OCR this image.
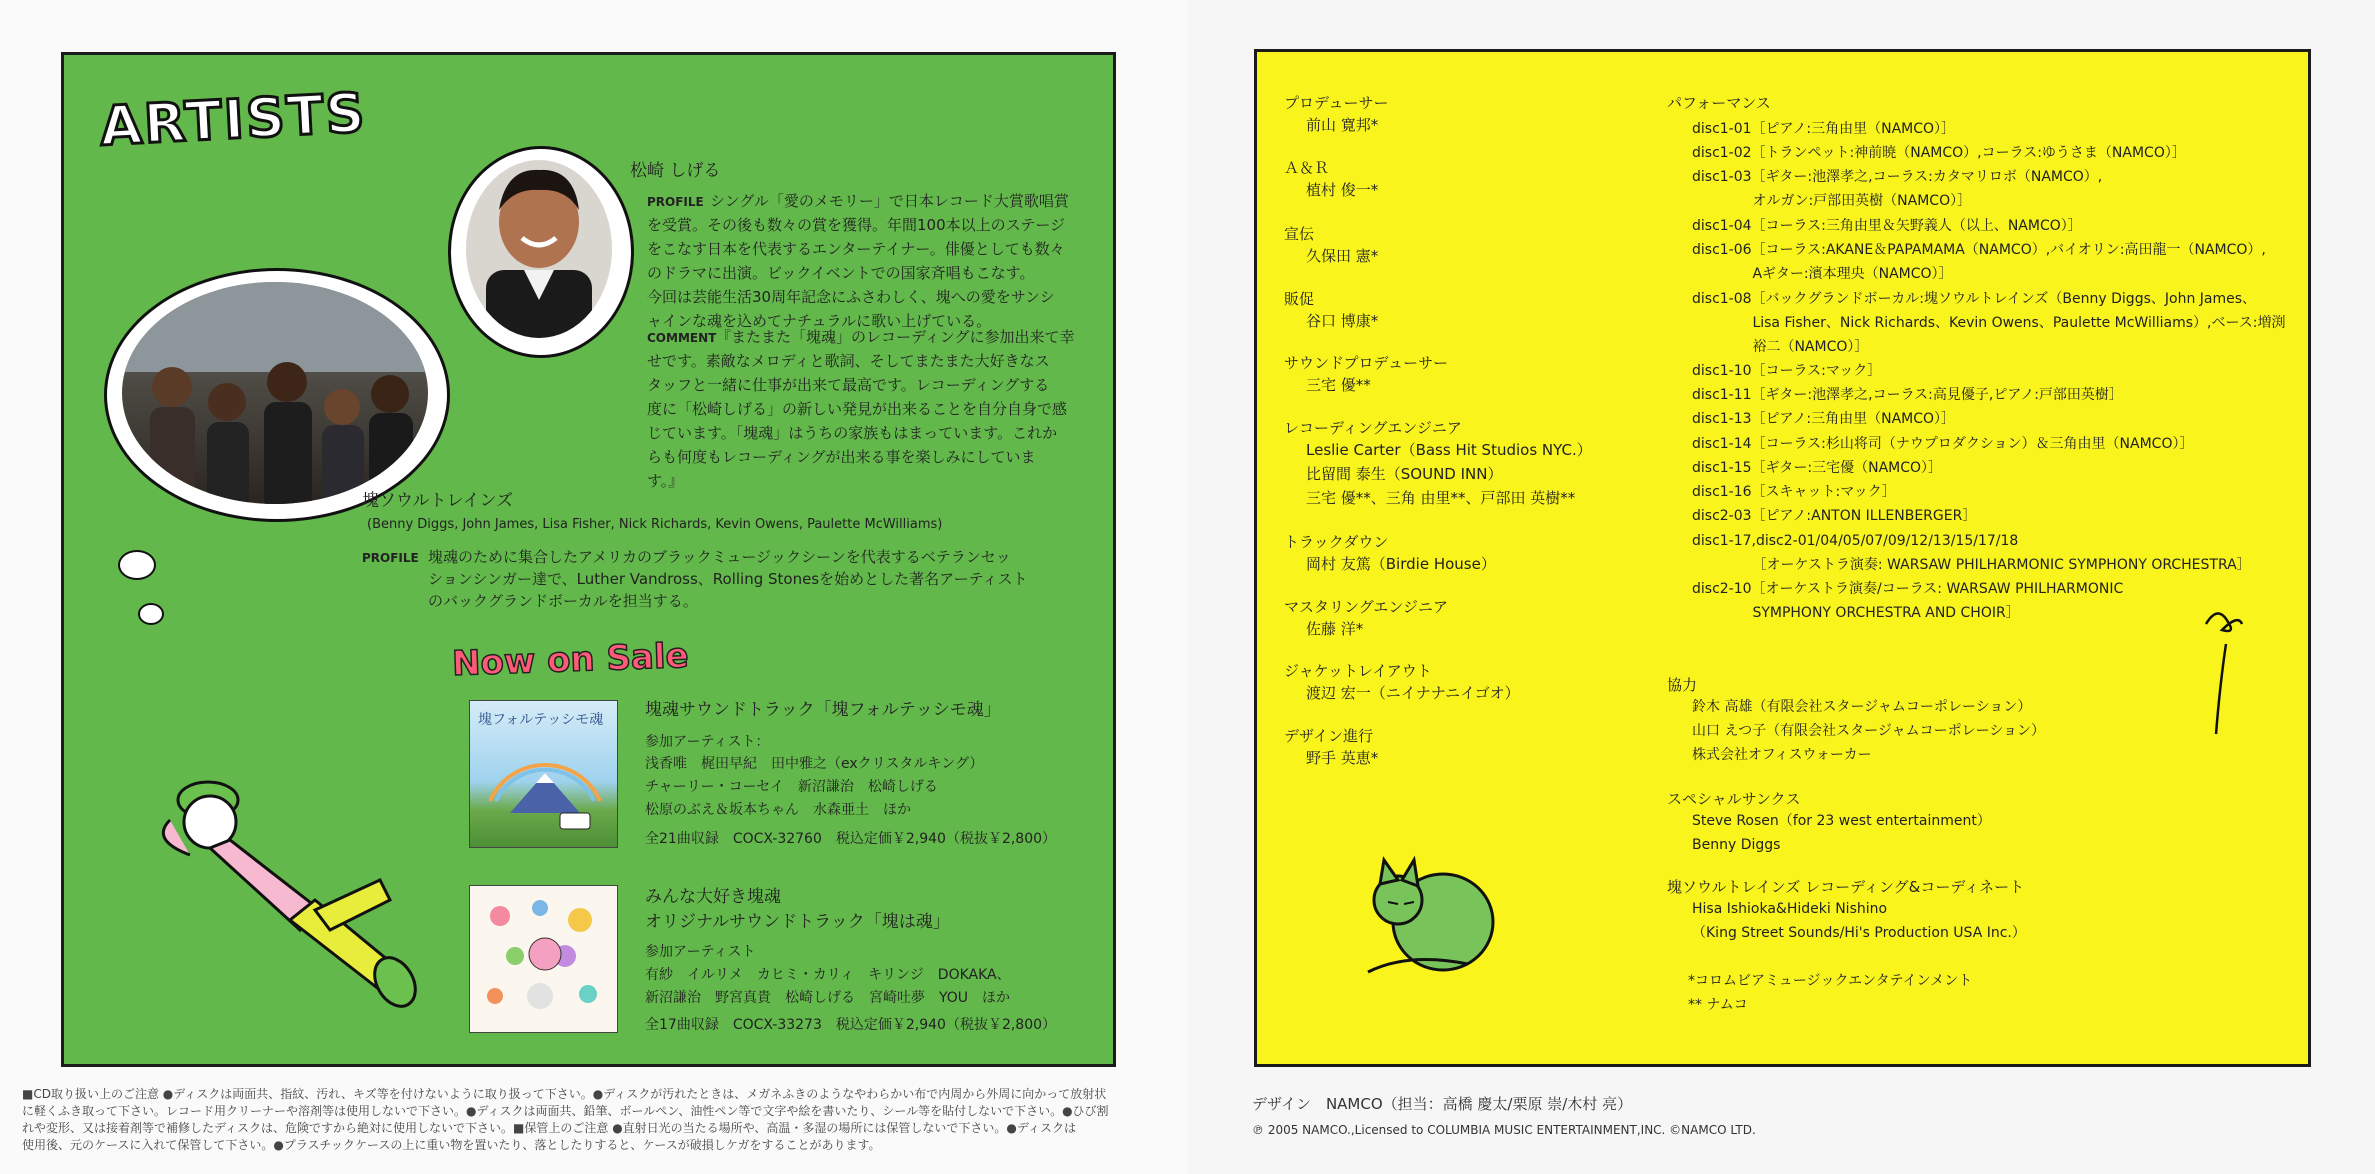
ARTISTS
松崎 しげる
PROFILE シングル「愛のメモリー」で日本レコード大賞歌唱賞
を受賞。その後も数々の賞を獲得。年間100本以上のステージ
をこなす日本を代表するエンターテイナー。俳優としても数々
のドラマに出演。ビックイベントでの国家斉唱もこなす。
今回は芸能生活30周年記念にふさわしく、塊への愛をサンシ
ャインな魂を込めてナチュラルに歌い上げている。
COMMENT 『またまた「塊魂」のレコーディングに参加出来て幸
せです。素敵なメロディと歌詞、そしてまたまた大好きなス
タッフと一緒に仕事が出来て最高です。レコーディングする
度に「松崎しげる」の新しい発見が出来ることを自分自身で感
じています。「塊魂」はうちの家族もはまっています。これか
らも何度もレコーディングが出来る事を楽しみにしていま
す。』
塊ソウルトレインズ
(Benny Diggs, John James, Lisa Fisher, Nick Richards, Kevin Owens, Paulette McWilliams)
PROFILE 塊魂のために集合したアメリカのブラックミュージックシーンを代表するベテランセッ
ションシンガー達で、Luther Vandross、Rolling Stonesを始めとした著名アーティスト
のバックグランドボーカルを担当する。
Now on Sale
塊フォルテッシモ魂 塊魂サウンドトラック「塊フォルテッシモ魂」
参加アーティスト：
浅香唯　梶田早紀　田中雅之（exクリスタルキング）
チャーリー・コーセイ　新沼謙治　松崎しげる
松原のぶえ＆坂本ちゃん　水森亜土　ほか
全21曲収録　COCX-32760　税込定価￥2,940（税抜￥2,800）
みんな大好き塊魂
オリジナルサウンドトラック「塊は魂」
参加アーティスト
有紗　イルリメ　カヒミ・カリィ　キリンジ　DOKAKA、
新沼謙治　野宮真貴　松崎しげる　宮崎吐夢　YOU　ほか
全17曲収録　COCX-33273　税込定価￥2,940（税抜￥2,800）
■CD取り扱い上のご注意 ●ディスクは両面共、指紋、汚れ、キズ等を付けないように取り扱って下さい。●ディスクが汚れたときは、メガネふきのようなやわらかい布で内周から外周に向かって放射状
に軽くふき取って下さい。レコード用クリーナーや溶剤等は使用しないで下さい。●ディスクは両面共、鉛筆、ボールペン、油性ペン等で文字や絵を書いたり、シール等を貼付しないで下さい。●ひび割
れや変形、又は接着剤等で補修したディスクは、危険ですから絶対に使用しないで下さい。■保管上のご注意 ●直射日光の当たる場所や、高温・多湿の場所には保管しないで下さい。●ディスクは
使用後、元のケースに入れて保管して下さい。●プラスチックケースの上に重い物を置いたり、落としたりすると、ケースが破損しケガをすることがあります。
プロデューサー
前山 寛邦*
Ａ＆Ｒ
植村 俊一*
宣伝
久保田 憲*
販促
谷口 博康*
サウンドプロデューサー
三宅 優**
レコーディングエンジニア
Leslie Carter（Bass Hit Studios NYC.）
比留間 泰生（SOUND INN）
三宅 優**、三角 由里**、戸部田 英樹**
トラックダウン
岡村 友篤（Birdie House）
マスタリングエンジニア
佐藤 洋*
ジャケットレイアウト
渡辺 宏一（ニイナナニイゴオ）
デザイン進行
野手 英恵*
パフォーマンス
disc1-01［ピアノ:三角由里（NAMCO）］
disc1-02［トランペット:神前暁（NAMCO）,コーラス:ゆうさま（NAMCO）］
disc1-03［ギター:池澤孝之,コーラス:カタマリロボ（NAMCO）,
　　　　 オルガン:戸部田英樹（NAMCO）］
disc1-04［コーラス:三角由里＆矢野義人（以上、NAMCO）］
disc1-06［コーラス:AKANE＆PAPAMAMA（NAMCO）,バイオリン:高田龍一（NAMCO）,
　　　　 Aギター:濱本理央（NAMCO）］
disc1-08［バックグランドボーカル:塊ソウルトレインズ（Benny Diggs、John James、
　　　　 Lisa Fisher、Nick Richards、Kevin Owens、Paulette McWilliams）,ベース:増渕
　　　　 裕二（NAMCO）］
disc1-10［コーラス:マック］
disc1-11［ギター:池澤孝之,コーラス:高見優子,ピアノ:戸部田英樹］
disc1-13［ピアノ:三角由里（NAMCO）］
disc1-14［コーラス:杉山将司（ナウプロダクション）＆三角由里（NAMCO）］
disc1-15［ギター:三宅優（NAMCO）］
disc1-16［スキャット:マック］
disc2-03［ピアノ:ANTON ILLENBERGER］
disc1-17,disc2-01/04/05/07/09/12/13/15/17/18
　　　　 ［オーケストラ演奏: WARSAW PHILHARMONIC SYMPHONY ORCHESTRA］
disc2-10［オーケストラ演奏/コーラス: WARSAW PHILHARMONIC
　　　　 SYMPHONY ORCHESTRA AND CHOIR］
協力
鈴木 高雄（有限会社スタージャムコーポレーション）
山口 えつ子（有限会社スタージャムコーポレーション）
株式会社オフィスウォーカー
スペシャルサンクス
Steve Rosen（for 23 west entertainment）
Benny Diggs
塊ソウルトレインズ レコーディング&コーディネート
Hisa Ishioka&Hideki Nishino
（King Street Sounds/Hi's Production USA Inc.）
*コロムビアミュージックエンタテインメント
** ナムコ
デザイン　NAMCO（担当：高橋 慶太/栗原 崇/木村 亮）
℗ 2005 NAMCO.,Licensed to COLUMBIA MUSIC ENTERTAINMENT,INC. ©NAMCO LTD.
